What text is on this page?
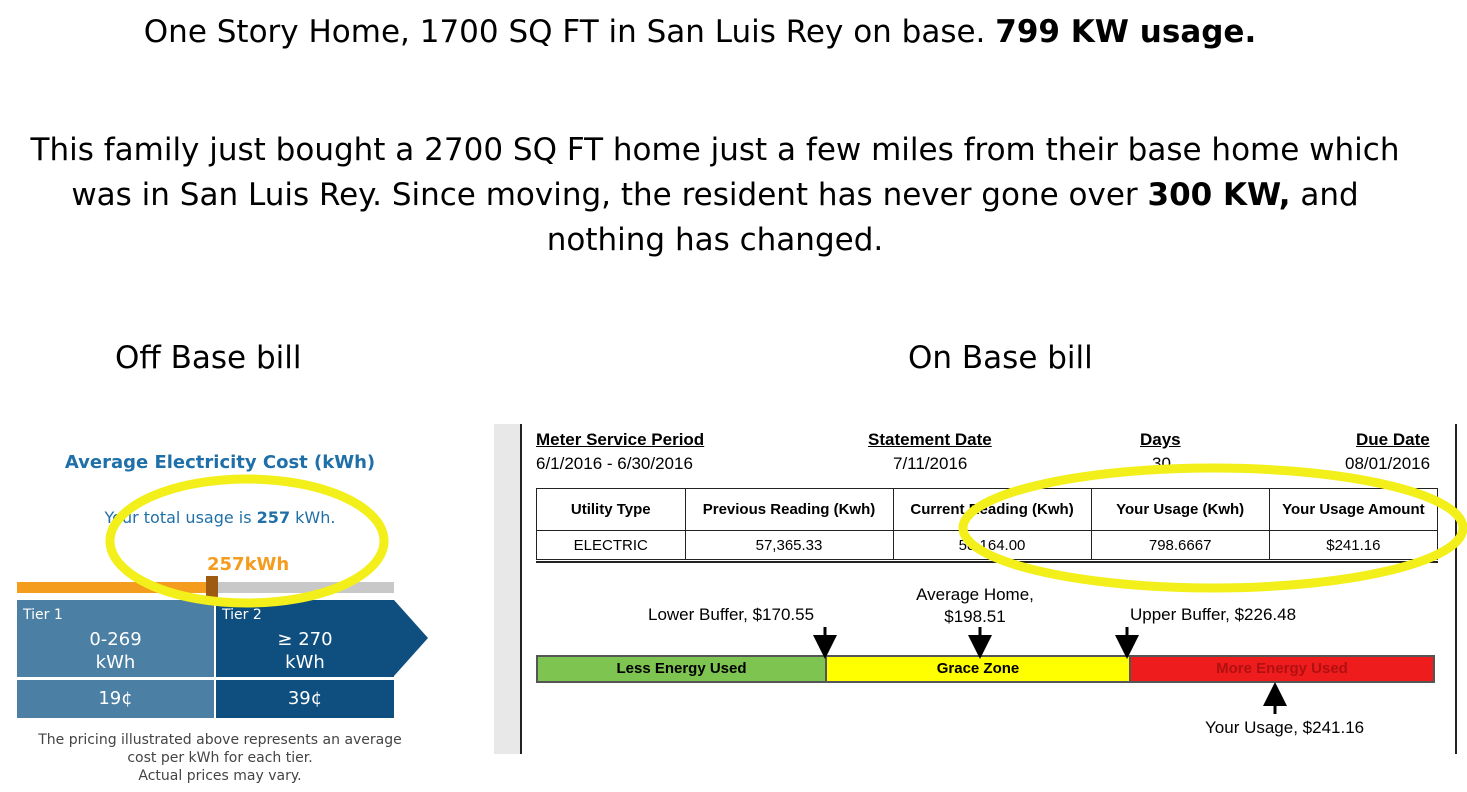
One Story Home, 1700 SQ FT in San Luis Rey on base. 799 KW usage.
This family just bought a 2700 SQ FT home just a few miles from their base home which
was in San Luis Rey. Since moving, the resident has never gone over 300 KW, and
nothing has changed.
Off Base bill	On Base bill
Average Electricity Cost (kWh)
Your total usage is 257 kWh.
257kWh
Tier 1
0-269
kWh
Tier 2
≥ 270
kWh
19¢	39¢
The pricing illustrated above represents an average
cost per kWh for each tier.
Actual prices may vary.
Meter Service Period	Statement Date	Days	Due Date
6/1/2016 - 6/30/2016	7/11/2016	30	08/01/2016
Utility Type	Previous Reading (Kwh)	Current Reading (Kwh)	Your Usage (Kwh)	Your Usage Amount
ELECTRIC	57,365.33	58,164.00	798.6667	$241.16
Average Home,
$198.51
Lower Buffer, $170.55	Upper Buffer, $226.48
Less Energy Used	Grace Zone	More Energy Used
Your Usage, $241.16
